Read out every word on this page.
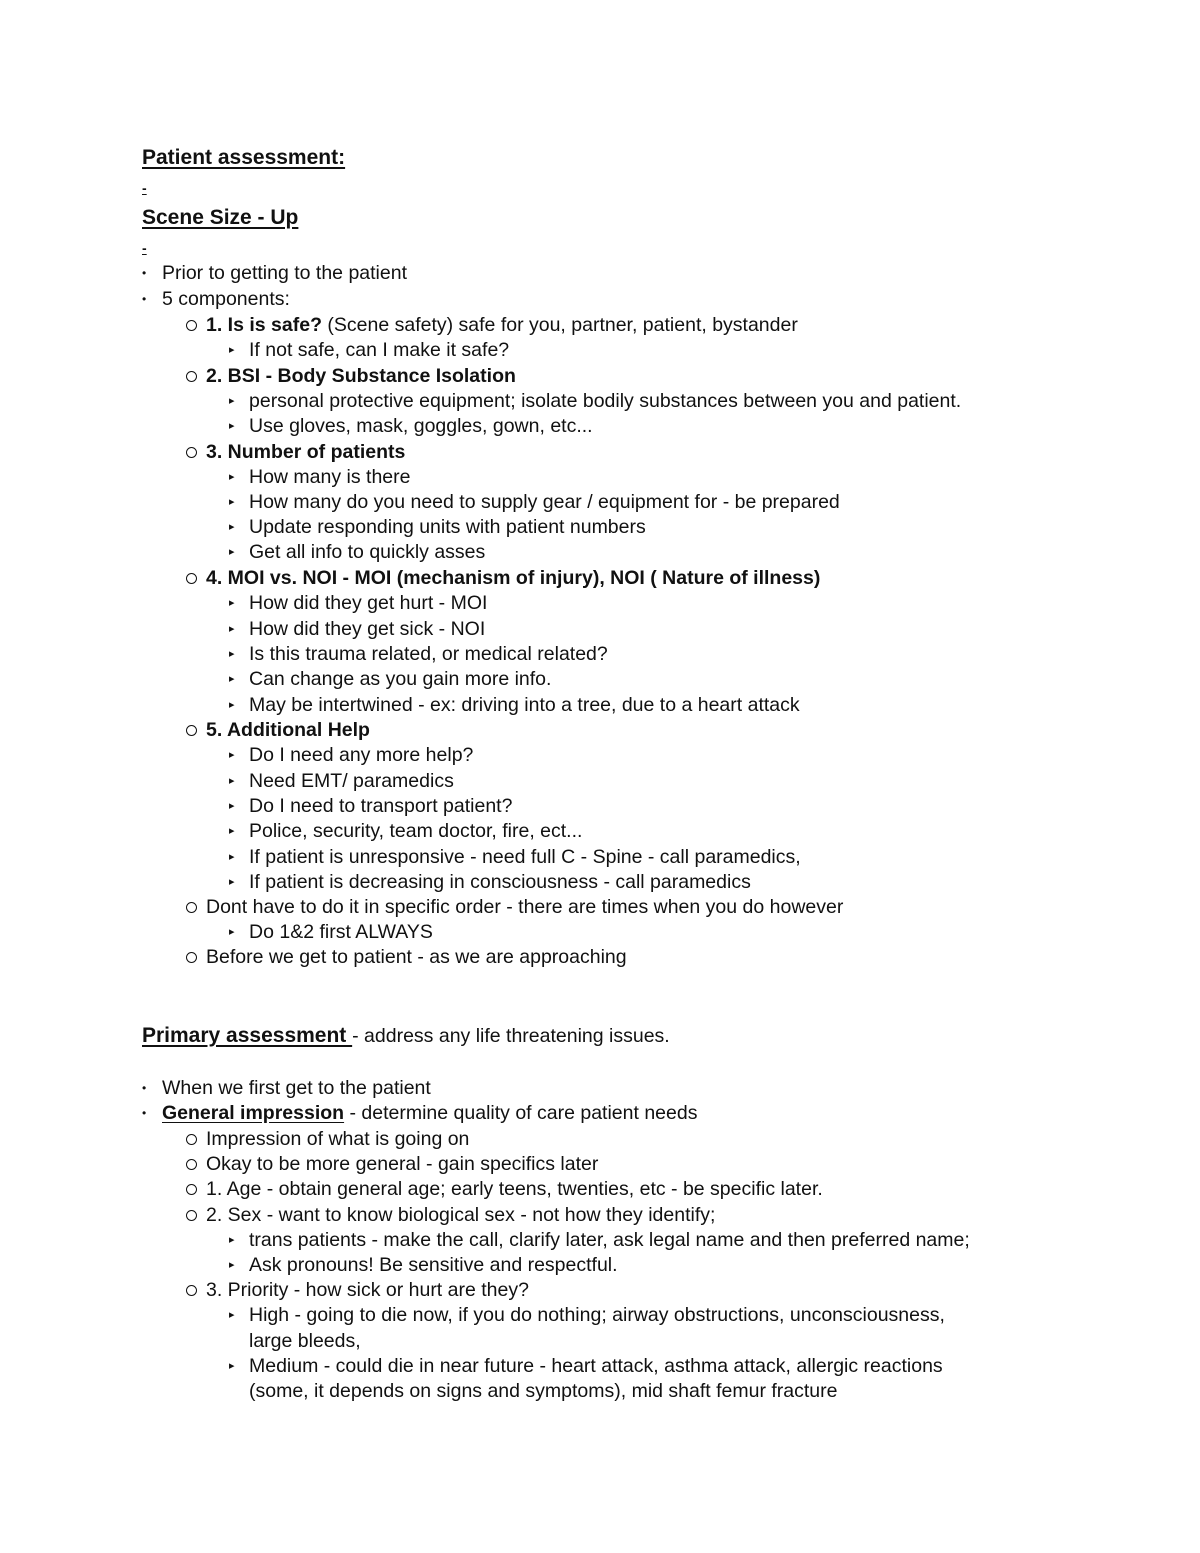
Patient assessment:
-
Scene Size - Up
-
• Prior to getting to the patient
• 5 components:
1. Is is safe? (Scene safety) safe for you, partner, patient, bystander
▸ If not safe, can I make it safe?
2. BSI - Body Substance Isolation
▸ personal protective equipment; isolate bodily substances between you and patient.
▸ Use gloves, mask, goggles, gown, etc...
3. Number of patients
▸ How many is there
▸ How many do you need to supply gear / equipment for - be prepared
▸ Update responding units with patient numbers
▸ Get all info to quickly asses
4. MOI vs. NOI - MOI (mechanism of injury), NOI ( Nature of illness)
▸ How did they get hurt - MOI
▸ How did they get sick - NOI
▸ Is this trauma related, or medical related?
▸ Can change as you gain more info.
▸ May be intertwined - ex: driving into a tree, due to a heart attack
5. Additional Help
▸ Do I need any more help?
▸ Need EMT/ paramedics
▸ Do I need to transport patient?
▸ Police, security, team doctor, fire, ect...
▸ If patient is unresponsive - need full C - Spine - call paramedics,
▸ If patient is decreasing in consciousness - call paramedics
Dont have to do it in specific order - there are times when you do however
▸ Do 1&2 first ALWAYS
Before we get to patient - as we are approaching
Primary assessment - address any life threatening issues.
• When we first get to the patient
• General impression - determine quality of care patient needs
Impression of what is going on
Okay to be more general - gain specifics later
1. Age - obtain general age; early teens, twenties, etc - be specific later.
2. Sex - want to know biological sex - not how they identify;
▸ trans patients - make the call, clarify later, ask legal name and then preferred name;
▸ Ask pronouns! Be sensitive and respectful.
3. Priority - how sick or hurt are they?
▸ High - going to die now, if you do nothing; airway obstructions, unconsciousness,
large bleeds,
▸ Medium - could die in near future - heart attack, asthma attack, allergic reactions
(some, it depends on signs and symptoms), mid shaft femur fracture
